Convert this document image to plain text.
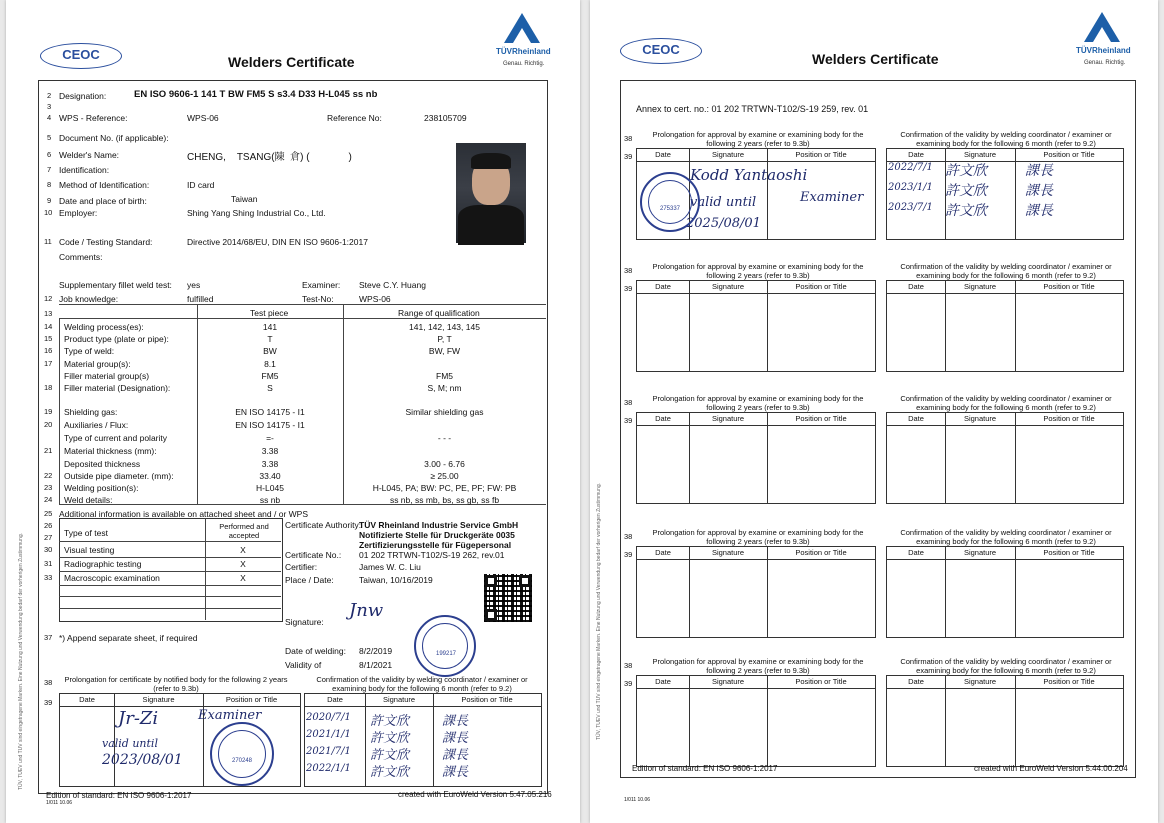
CEOC	Welders Certificate
TÜVRheinland
Genau. Richtig.
2 Designation:	EN ISO 9606-1 141 T BW FM5 S s3.4 D33 H-L045 ss nb
3
4 WPS - Reference:	WPS-06	Reference No:	238105709
5 Document No. (if applicable):
6 Welder's Name:	CHENG,    TSANG(陳  倉) (              )
7 Identification:
8 Method of Identification:	ID card
9 Date and place of birth:	Taiwan
10 Employer:	Shing Yang Shing Industrial Co., Ltd.
11 Code / Testing Standard:	Directive 2014/68/EU, DIN EN ISO 9606-1:2017
Comments:
Supplementary fillet weld test: yes	Examiner: Steve C.Y. Huang
12 Job knowledge:	fulfilled	Test-No:	WPS-06
13	Test piece	Range of qualification
14 Welding process(es):	141	141, 142, 143, 145
15 Product type (plate or pipe):	T	P, T
16 Type of weld:	BW	BW, FW
17 Material group(s):	8.1
Filler material group(s)	FM5	FM5
18 Filler material (Designation):	S	S, M; nm
19 Shielding gas:	EN ISO 14175 - I1	Similar shielding gas
20 Auxiliaries / Flux:	EN ISO 14175 - I1
Type of current and polarity	=-	- - -
21 Material thickness (mm):	3.38
Deposited thickness	3.38	3.00 - 6.76
22 Outside pipe diameter. (mm):	33.40	≥ 25.00
23 Welding position(s):	H-L045	H-L045, PA; BW: PC, PE, PF; FW: PB
24 Weld details:	ss nb	ss nb, ss mb, bs, ss gb, ss fb
25 Additional information is available on attached sheet and / or WPS
26
27
30
31
33
Type of test
Performed and accepted
Visual testing	X
Radiographic testing	X
Macroscopic examination	X
Certificate Authority:
TÜV Rheinland Industrie Service GmbH
Notifizierte Stelle für Druckgeräte 0035
Zertifizierungsstelle für Fügepersonal
Certificate No.: 01 202 TRTWN-T102/S-19 262, rev.01
Certifier:	James W. C. Liu
Place / Date:	Taiwan, 10/16/2019
Signature:
Jnw
199217
37 *) Append separate sheet, if required
Date of welding: 8/2/2019
Validity of	8/1/2021
38	Prolongation for certificate by notified body for the following 2 years (refer to 9.3b)
Confirmation of the validity by welding coordinator / examiner or examining body for the following 6 month (refer to 9.2)
39	Date	Signature	Position or Title	Date	Signature	Position or Title
Jr-Zi	Examiner
valid until
2023/08/01	270248
2020/7/1 許文欣	課長
2021/1/1 許文欣	課長
2021/7/1 許文欣	課長
2022/1/1 許文欣	課長
Edition of standard: EN ISO 9606-1:2017	created with EuroWeld Version 5.47.05.216
1/011 10.06
TÜV, TUEV und TUV sind eingetragene Marken. Eine Nutzung und Verwendung bedarf der vorherigen Zustimmung.
CEOC
Welders Certificate
TÜVRheinland
Genau. Richtig.
Annex to cert. no.: 01 202 TRTWN-T102/S-19 259, rev. 01
38	Prolongation for approval by examine or examining body for the following 2 years (refer to 9.3b)
Confirmation of the validity by welding coordinator / examiner or examining body for the following 6 month (refer to 9.2)
39	Date	Signature	Position or Title	Date	Signature	Position or Title
38	Prolongation for approval by examine or examining body for the following 2 years (refer to 9.3b)
Confirmation of the validity by welding coordinator / examiner or examining body for the following 6 month (refer to 9.2)
39	Date	Signature	Position or Title	Date	Signature	Position or Title
38	Prolongation for approval by examine or examining body for the following 2 years (refer to 9.3b)
Confirmation of the validity by welding coordinator / examiner or examining body for the following 6 month (refer to 9.2)
39	Date	Signature	Position or Title	Date	Signature	Position or Title
38	Prolongation for approval by examine or examining body for the following 2 years (refer to 9.3b)
Confirmation of the validity by welding coordinator / examiner or examining body for the following 6 month (refer to 9.2)
39	Date	Signature	Position or Title	Date	Signature	Position or Title
38	Prolongation for approval by examine or examining body for the following 2 years (refer to 9.3b)
Confirmation of the validity by welding coordinator / examiner or examining body for the following 6 month (refer to 9.2)
39	Date	Signature	Position or Title	Date	Signature	Position or Title
Kodd Yantaoshi
valid until
2025/08/01
Examiner
275337
2022/7/1 許文欣	課長
2023/1/1 許文欣	課長
2023/7/1 許文欣	課長
Edition of standard: EN ISO 9606-1:2017	created with EuroWeld Version 5.44.00.204
1/011 10.06
TÜV, TUEV und TUV sind eingetragene Marken. Eine Nutzung und Verwendung bedarf der vorherigen Zustimmung.
